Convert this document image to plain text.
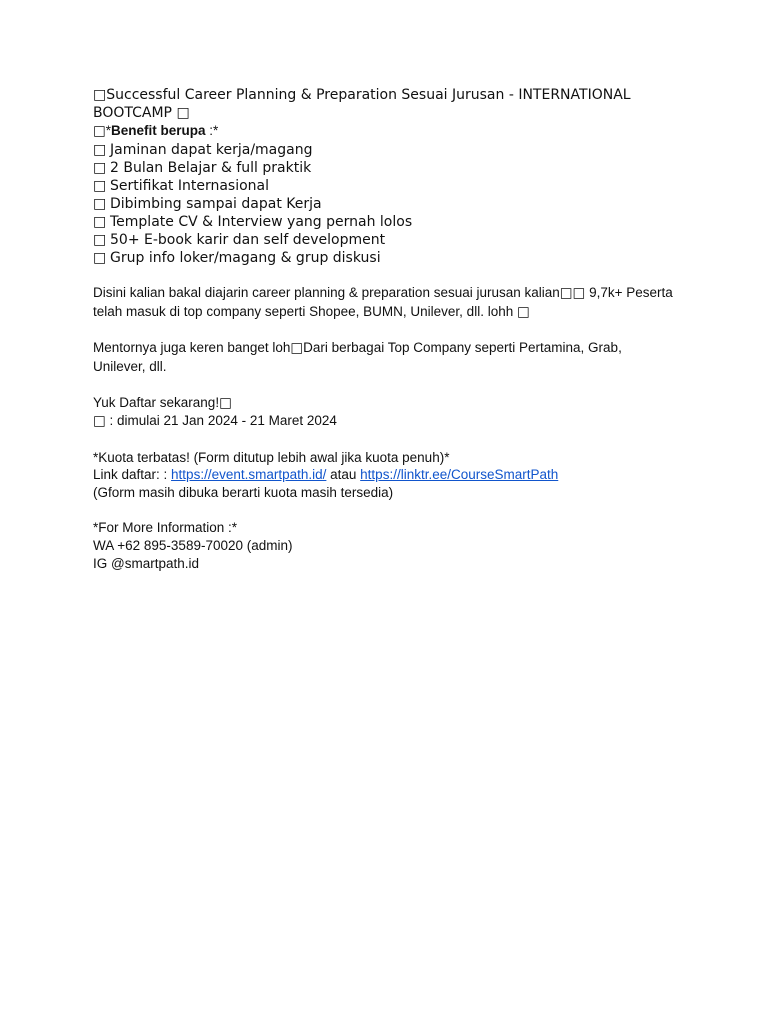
□Successful Career Planning & Preparation Sesuai Jurusan - INTERNATIONAL BOOTCAMP □

□*Benefit berupa :*

□ Jaminan dapat kerja/magang
□ 2 Bulan Belajar & full praktik
□ Sertifikat Internasional
□ Dibimbing sampai dapat Kerja
□ Template CV & Interview yang pernah lolos
□ 50+ E-book karir dan self development
□ Grup info loker/magang & grup diskusi

Disini kalian bakal diajarin career planning & preparation sesuai jurusan kalian□□ 9,7k+ Peserta telah masuk di top company seperti Shopee, BUMN, Unilever, dll. lohh □

Mentornya juga keren banget loh□Dari berbagai Top Company seperti Pertamina, Grab, Unilever, dll.

Yuk Daftar sekarang!□

□ : dimulai 21 Jan 2024 - 21 Maret 2024

*Kuota terbatas! (Form ditutup lebih awal jika kuota penuh)*

Link daftar: : https://event.smartpath.id/ atau https://linktr.ee/CourseSmartPath

(Gform masih dibuka berarti kuota masih tersedia)

*For More Information :*

WA +62 895-3589-70020 (admin)

IG @smartpath.id
